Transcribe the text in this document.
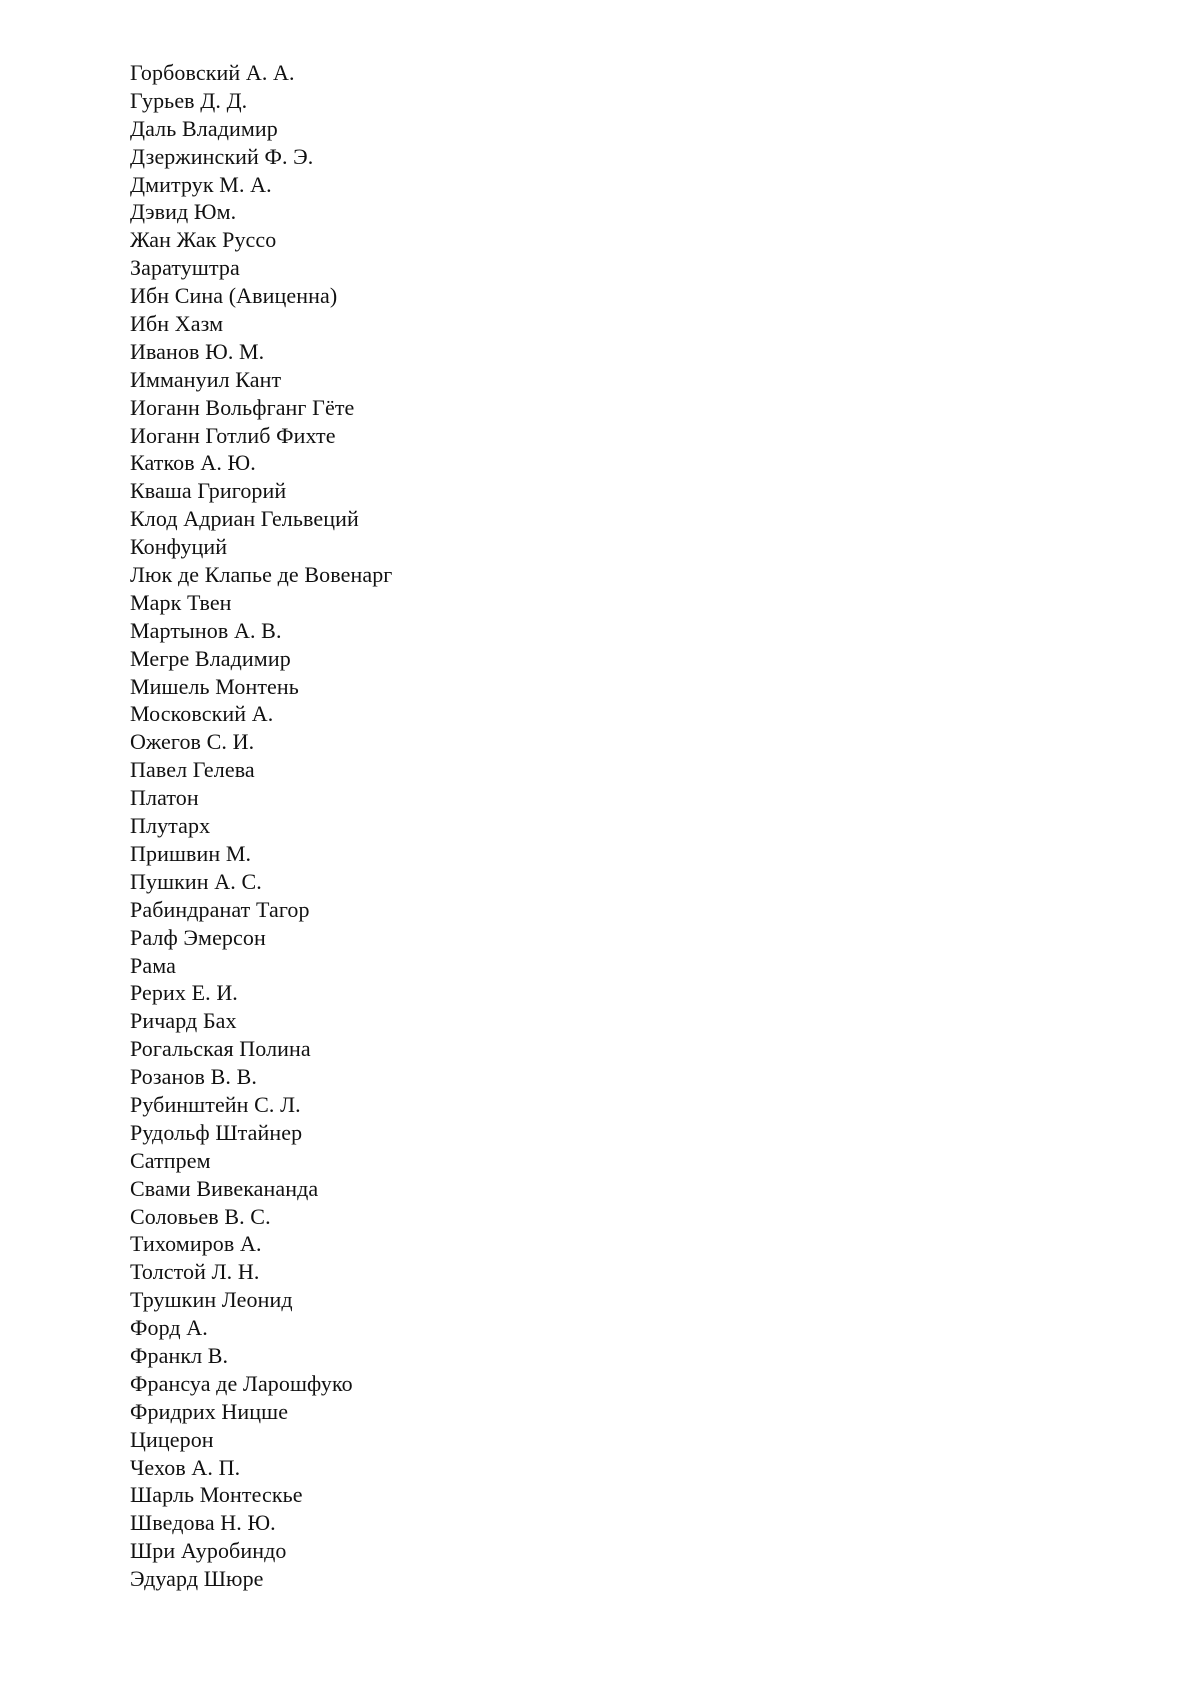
Горбовский А. А.
Гурьев Д. Д.
Даль Владимир
Дзержинский Ф. Э.
Дмитрук М. А.
Дэвид Юм.
Жан Жак Руссо
Заратуштра
Ибн Сина (Авиценна)
Ибн Хазм
Иванов Ю. М.
Иммануил Кант
Иоганн Вольфганг Гёте
Иоганн Готлиб Фихте
Катков А. Ю.
Кваша Григорий
Клод Адриан Гельвеций
Конфуций
Люк де Клапье де Вовенарг
Марк Твен
Мартынов А. В.
Мегре Владимир
Мишель Монтень
Московский А.
Ожегов С. И.
Павел Гелева
Платон
Плутарх
Пришвин М.
Пушкин А. С.
Рабиндранат Тагор
Ралф Эмерсон
Рама
Рерих Е. И.
Ричард Бах
Рогальская Полина
Розанов В. В.
Рубинштейн С. Л.
Рудольф Штайнер
Сатпрем
Свами Вивекананда
Соловьев В. С.
Тихомиров А.
Толстой Л. Н.
Трушкин Леонид
Форд А.
Франкл В.
Франсуа де Ларошфуко
Фридрих Ницше
Цицерон
Чехов А. П.
Шарль Монтескье
Шведова Н. Ю.
Шри Ауробиндо
Эдуард Шюре
